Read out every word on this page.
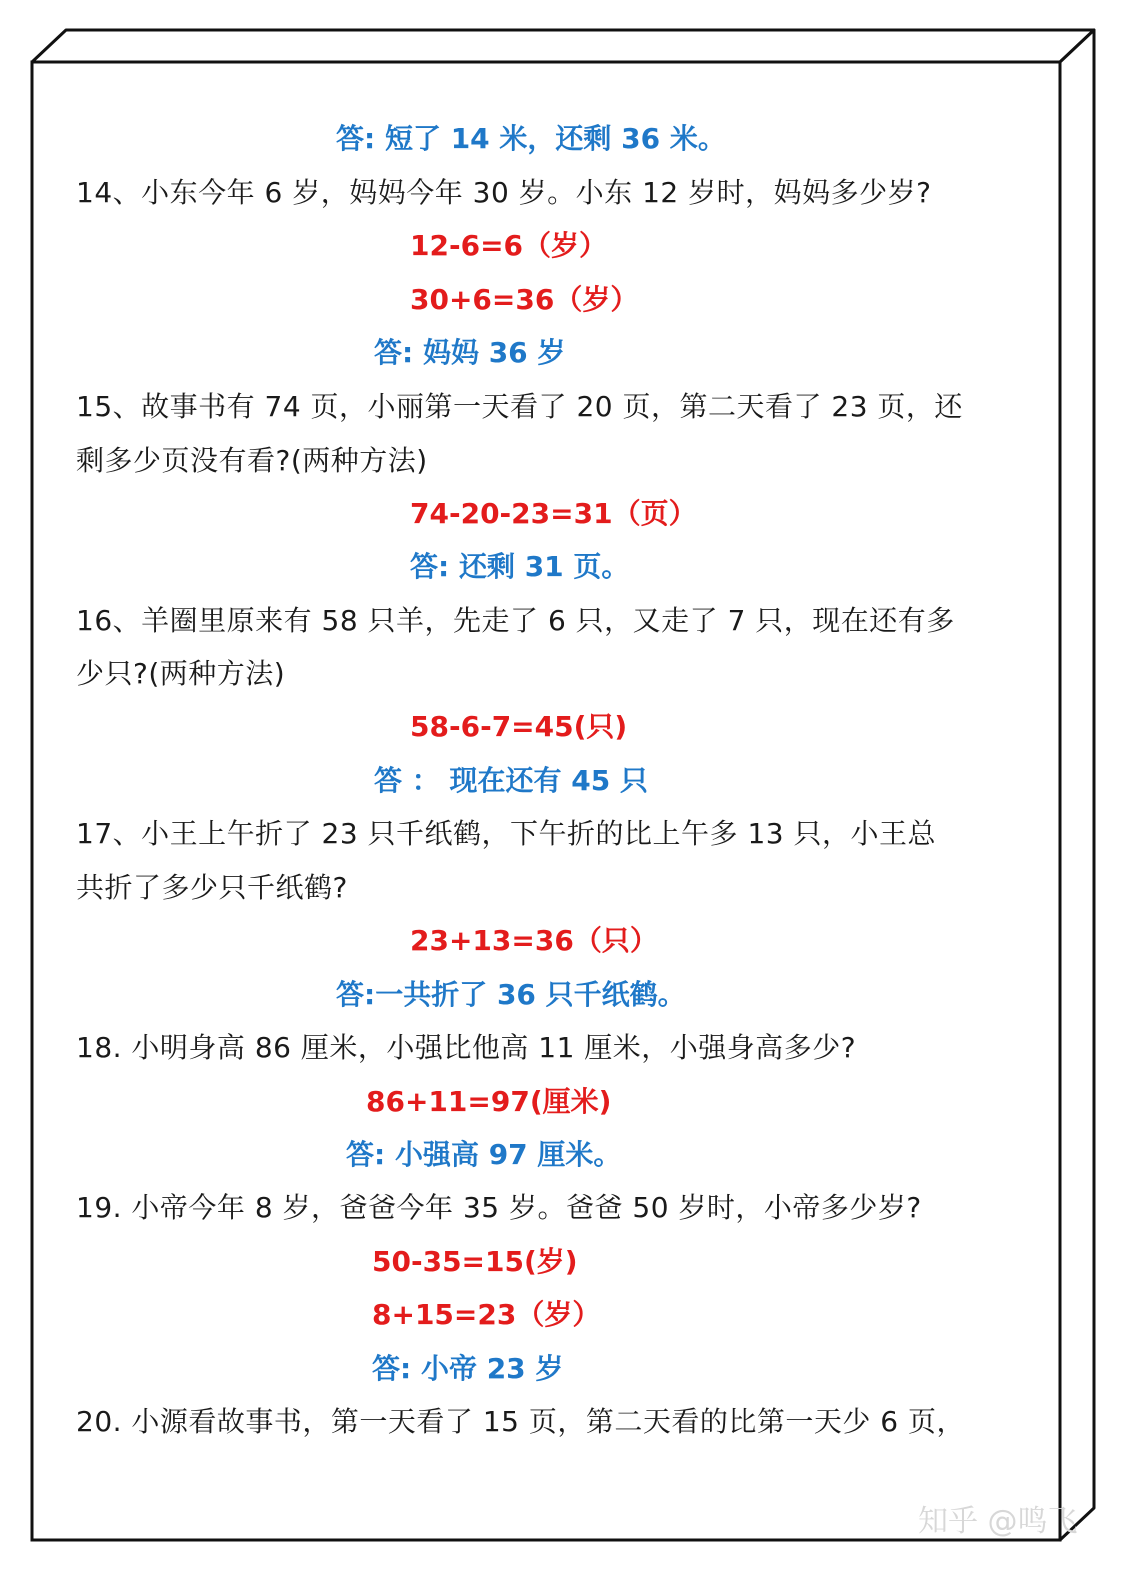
答: 短了 14 米，还剩 36 米。
14、小东今年 6 岁，妈妈今年 30 岁。小东 12 岁时，妈妈多少岁?
12-6=6（岁）
30+6=36（岁）
答: 妈妈 36 岁
15、故事书有 74 页，小丽第一天看了 20 页，第二天看了 23 页，还
剩多少页没有看?(两种方法)
74-20-23=31（页）
答: 还剩 31 页。
16、羊圈里原来有 58 只羊，先走了 6 只，又走了 7 只，现在还有多
少只?(两种方法)
58-6-7=45(只)
答 ： 现在还有 45 只
17、小王上午折了 23 只千纸鹤，下午折的比上午多 13 只，小王总
共折了多少只千纸鹤?
23+13=36（只）
答:一共折了 36 只千纸鹤。
18. 小明身高 86 厘米，小强比他高 11 厘米，小强身高多少?
86+11=97(厘米)
答: 小强高 97 厘米。
19. 小帝今年 8 岁，爸爸今年 35 岁。爸爸 50 岁时，小帝多少岁?
50-35=15(岁)
8+15=23（岁）
答: 小帝 23 岁
20. 小源看故事书，第一天看了 15 页，第二天看的比第一天少 6 页，
知乎 @鸣飞
